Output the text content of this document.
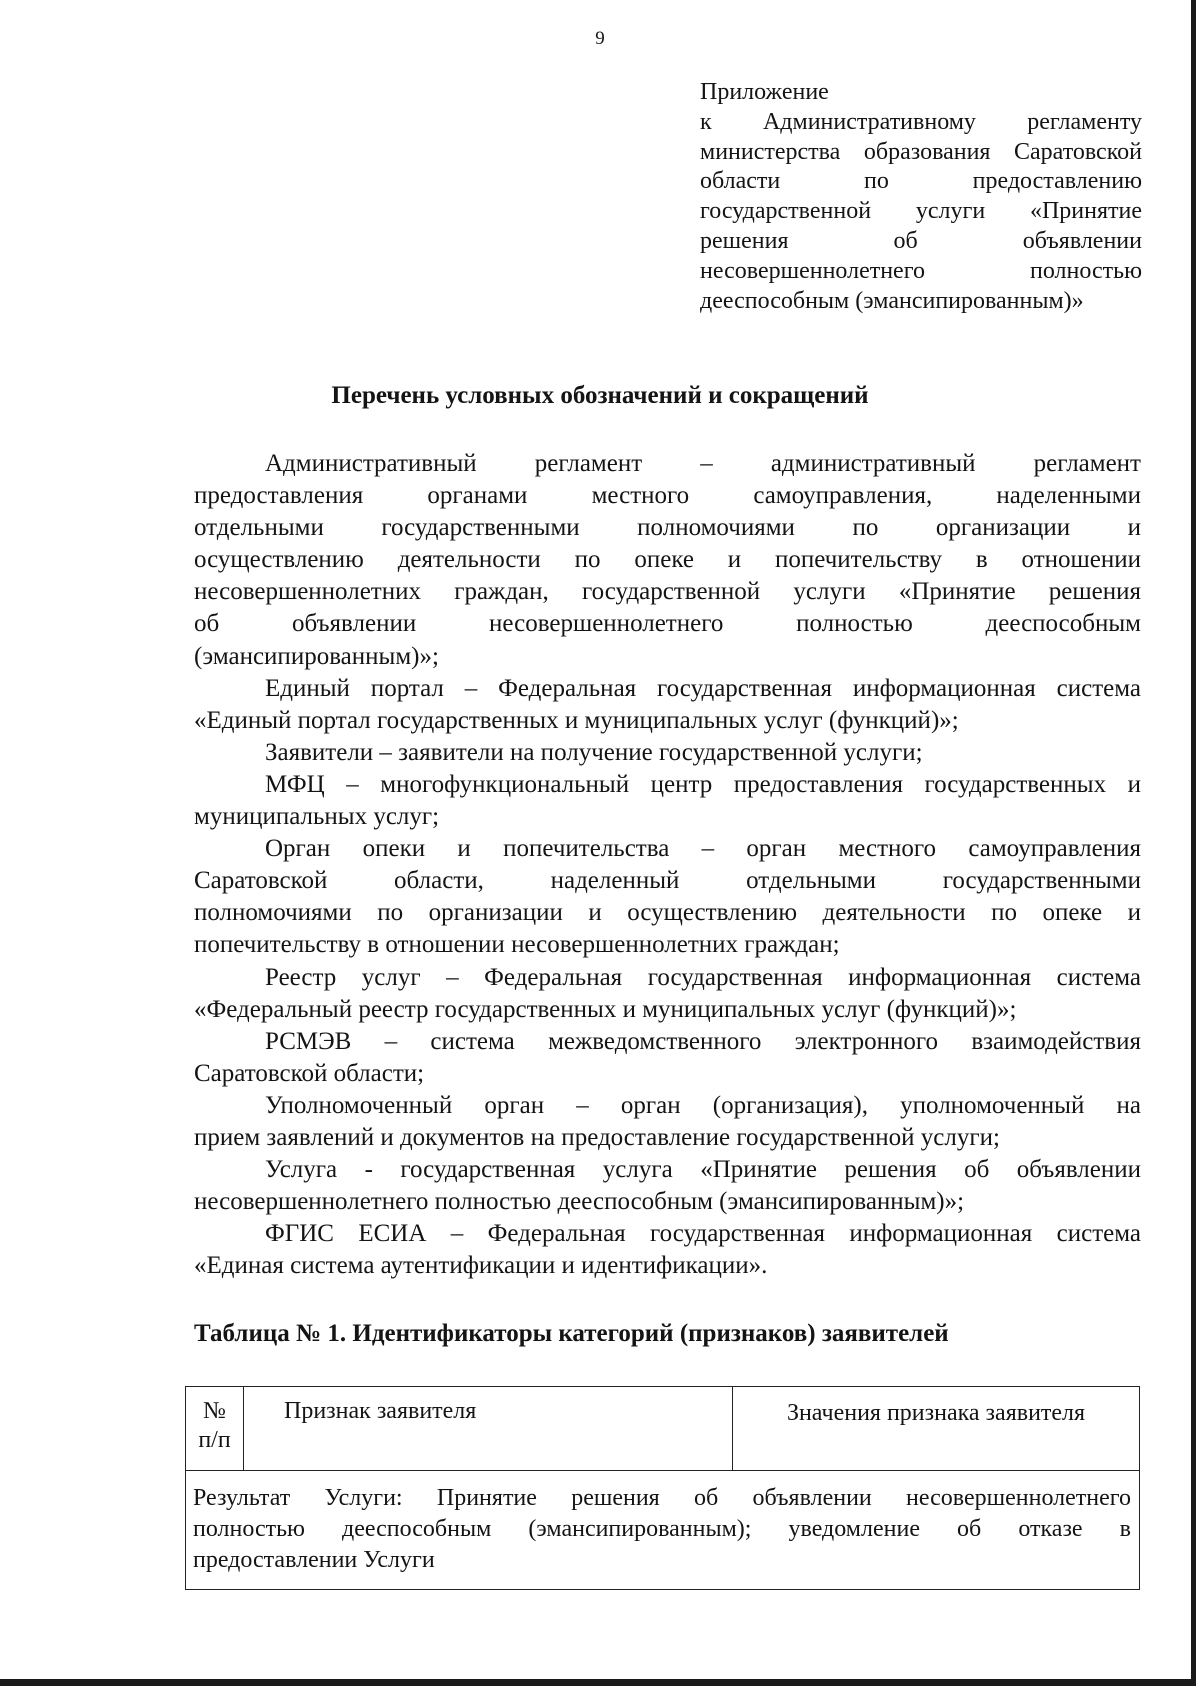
9
Приложение
к Административному регламенту
министерства образования Саратовской
области по предоставлению
государственной услуги «Принятие
решения об объявлении
несовершеннолетнего полностью
дееспособным (эмансипированным)»
Перечень условных обозначений и сокращений
Административный регламент – административный регламент
предоставления органами местного самоуправления, наделенными
отдельными государственными полномочиями по организации и
осуществлению деятельности по опеке и попечительству в отношении
несовершеннолетних граждан, государственной услуги «Принятие решения
об объявлении несовершеннолетнего полностью дееспособным
(эмансипированным)»;
Единый портал – Федеральная государственная информационная система
«Единый портал государственных и муниципальных услуг (функций)»;
Заявители – заявители на получение государственной услуги;
МФЦ – многофункциональный центр предоставления государственных и
муниципальных услуг;
Орган опеки и попечительства – орган местного самоуправления
Саратовской области, наделенный отдельными государственными
полномочиями по организации и осуществлению деятельности по опеке и
попечительству в отношении несовершеннолетних граждан;
Реестр услуг – Федеральная государственная информационная система
«Федеральный реестр государственных и муниципальных услуг (функций)»;
РСМЭВ – система межведомственного электронного взаимодействия
Саратовской области;
Уполномоченный орган – орган (организация), уполномоченный на
прием заявлений и документов на предоставление государственной услуги;
Услуга - государственная услуга «Принятие решения об объявлении
несовершеннолетнего полностью дееспособным (эмансипированным)»;
ФГИС ЕСИА – Федеральная государственная информационная система
«Единая система аутентификации и идентификации».
Таблица № 1. Идентификаторы категорий (признаков) заявителей
№
п/п
Признак заявителя	Значения признака заявителя
Результат Услуги: Принятие решения об объявлении несовершеннолетнего
полностью дееспособным (эмансипированным); уведомление об отказе в
предоставлении Услуги
